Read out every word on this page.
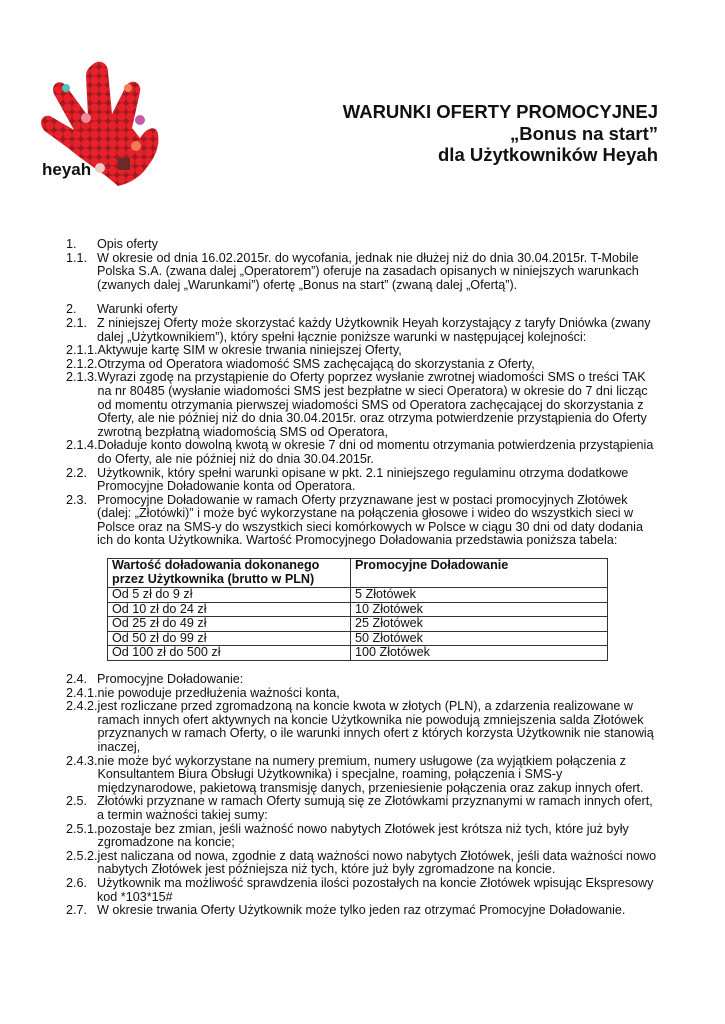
heyah
WARUNKI OFERTY PROMOCYJNEJ
„Bonus na start”
dla Użytkowników Heyah
1.	Opis oferty
1.1. W okresie od dnia 16.02.2015r. do wycofania, jednak nie dłużej niż do dnia 30.04.2015r. T-Mobile Polska S.A. (zwana dalej „Operatorem”) oferuje na zasadach opisanych w niniejszych warunkach (zwanych dalej „Warunkami”) ofertę „Bonus na start” (zwaną dalej „Ofertą”).
2.	Warunki oferty
2.1. Z niniejszej Oferty może skorzystać każdy Użytkownik Heyah korzystający z taryfy Dniówka (zwany dalej „Użytkownikiem”), który spełni łącznie poniższe warunki w następującej kolejności:
2.1.1. Aktywuje kartę SIM w okresie trwania niniejszej Oferty,
2.1.2. Otrzyma od Operatora wiadomość SMS zachęcającą do skorzystania z Oferty,
2.1.3. Wyrazi zgodę na przystąpienie do Oferty poprzez wysłanie zwrotnej wiadomości SMS o treści TAK na nr 80485 (wysłanie wiadomości SMS jest bezpłatne w sieci Operatora) w okresie do 7 dni licząc od momentu otrzymania pierwszej wiadomości SMS od Operatora zachęcającej do skorzystania z Oferty, ale nie później niż do dnia 30.04.2015r. oraz otrzyma potwierdzenie przystąpienia do Oferty zwrotną bezpłatną wiadomością SMS od Operatora,
2.1.4. Doładuje konto dowolną kwotą w okresie 7 dni od momentu otrzymania potwierdzenia przystąpienia do Oferty, ale nie później niż do dnia 30.04.2015r.
2.2. Użytkownik, który spełni warunki opisane w pkt. 2.1 niniejszego regulaminu otrzyma dodatkowe Promocyjne Doładowanie konta od Operatora.
2.3. Promocyjne Doładowanie w ramach Oferty przyznawane jest w postaci promocyjnych Złotówek (dalej: „Złotówki)” i może być wykorzystane na połączenia głosowe i wideo do wszystkich sieci w Polsce oraz na SMS-y do wszystkich sieci komórkowych w Polsce w ciągu 30 dni od daty dodania ich do konta Użytkownika. Wartość Promocyjnego Doładowania przedstawia poniższa tabela:
Wartość doładowania dokonanego przez Użytkownika (brutto w PLN)	Promocyjne Doładowanie
Od 5 zł do 9 zł	5 Złotówek
Od 10 zł do 24 zł	10 Złotówek
Od 25 zł do 49 zł	25 Złotówek
Od 50 zł do 99 zł	50 Złotówek
Od 100 zł do 500 zł	100 Złotówek
2.4. Promocyjne Doładowanie:
2.4.1. nie powoduje przedłużenia ważności konta,
2.4.2. jest rozliczane przed zgromadzoną na koncie kwota w złotych (PLN), a zdarzenia realizowane w ramach innych ofert aktywnych na koncie Użytkownika nie powodują zmniejszenia salda Złotówek przyznanych w ramach Oferty, o ile warunki innych ofert z których korzysta Użytkownik nie stanowią inaczej,
2.4.3. nie może być wykorzystane na numery premium, numery usługowe (za wyjątkiem połączenia z Konsultantem Biura Obsługi Użytkownika) i specjalne, roaming, połączenia i SMS-y międzynarodowe, pakietową transmisję danych, przeniesienie połączenia oraz zakup innych ofert.
2.5. Złotówki przyznane w ramach Oferty sumują się ze Złotówkami przyznanymi w ramach innych ofert, a termin ważności takiej sumy:
2.5.1. pozostaje bez zmian, jeśli ważność nowo nabytych Złotówek jest krótsza niż tych, które już były zgromadzone na koncie;
2.5.2. jest naliczana od nowa, zgodnie z datą ważności nowo nabytych Złotówek, jeśli data ważności nowo nabytych Złotówek jest późniejsza niż tych, które już były zgromadzone na koncie.
2.6. Użytkownik ma możliwość sprawdzenia ilości pozostałych na koncie Złotówek wpisując Ekspresowy kod *103*15#
2.7. W okresie trwania Oferty Użytkownik może tylko jeden raz otrzymać Promocyjne Doładowanie.
